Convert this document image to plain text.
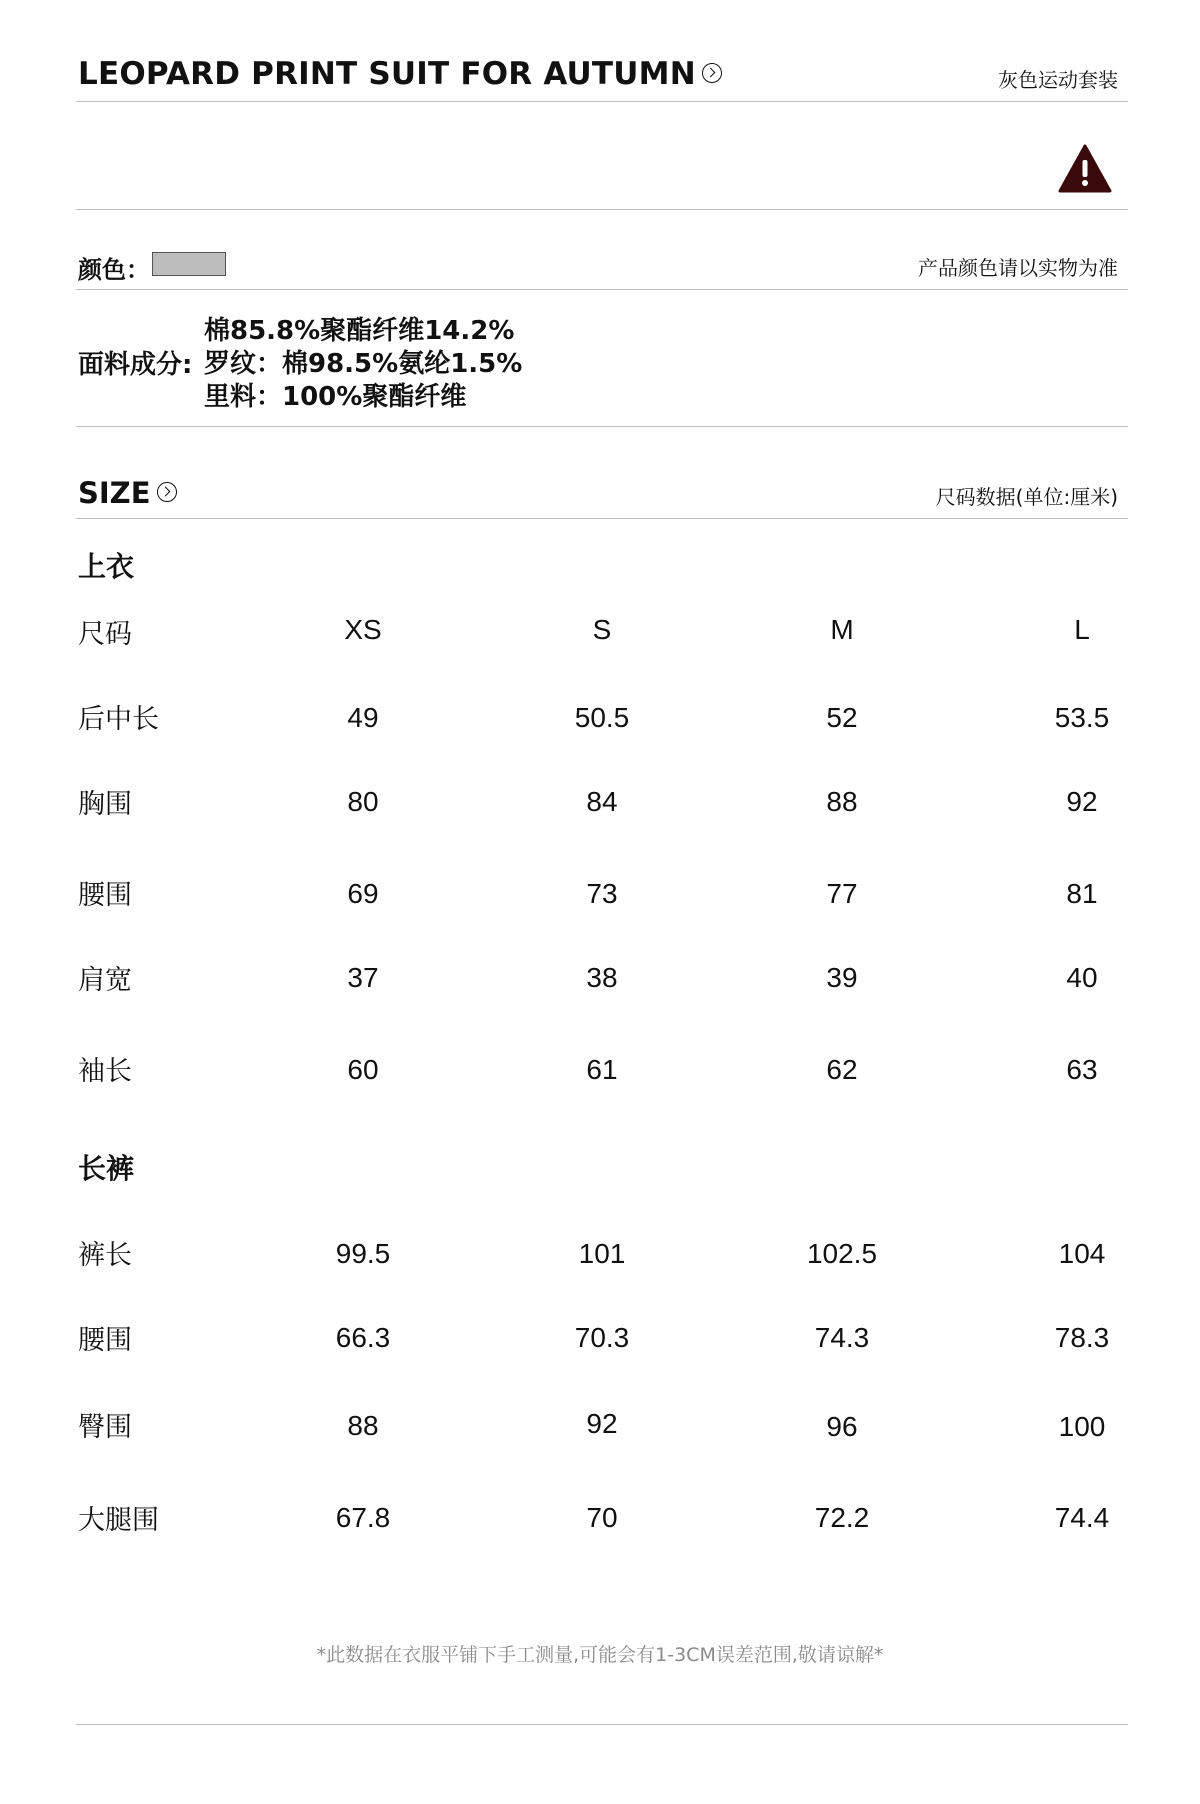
LEOPARD PRINT SUIT FOR AUTUMN	灰色运动套装
颜色：	产品颜色请以实物为准
面料成分:
棉85.8%聚酯纤维14.2%
罗纹：棉98.5%氨纶1.5%
里料：100%聚酯纤维
SIZE	尺码数据(单位:厘米)
上衣
尺码	XS	S	M	L
后中长	49	50.5	52	53.5
胸围	80	84	88	92
腰围	69	73	77	81
肩宽	37	38	39	40
袖长	60	61	62	63
长裤
裤长	99.5	101	102.5	104
腰围	66.3	70.3	74.3	78.3
臀围	88	92	96	100
大腿围	67.8	70	72.2	74.4
*此数据在衣服平铺下手工测量,可能会有1-3CM误差范围,敬请谅解*
